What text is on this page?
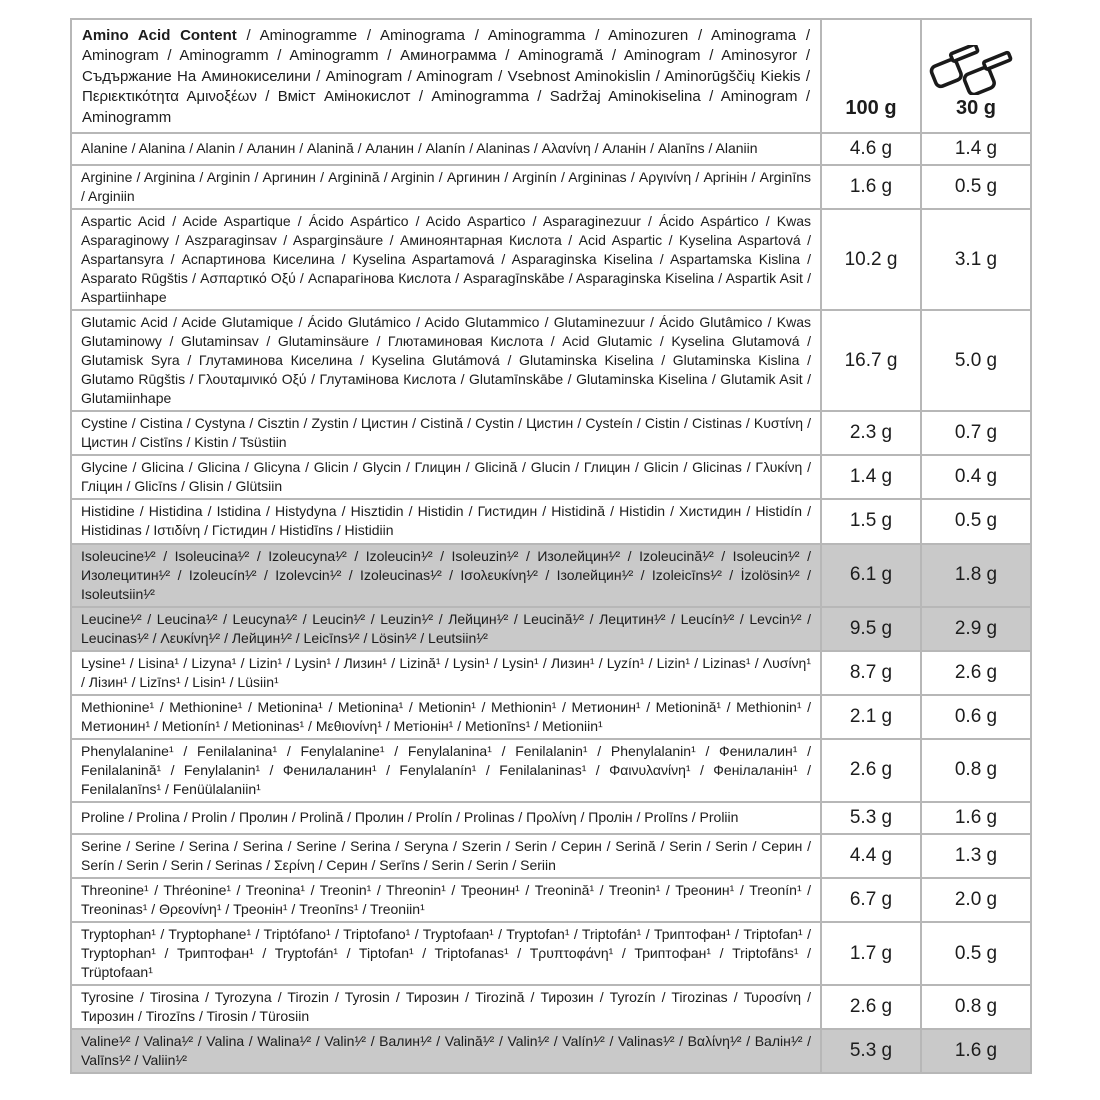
Amino Acid Content / Aminogramme / Aminograma / Aminogramma / Aminozuren / Aminograma / Aminogram / Aminogramm / Aminogramm / Аминограмма / Aminogramă / Aminogram / Aminosyror / Съдържание На Аминокиселини / Aminogram / Aminogram / Vsebnost Aminokislin / Aminorūgščių Kiekis / Περιεκτικότητα Αμινοξέων / Вміст Амінокислот / Aminogramma / Sadržaj Aminokiselina / Aminogram / Aminogramm	100 g	30 g
Alanine / Alanina / Alanin / Аланин / Alanină / Аланин / Alanín / Alaninas / Αλανίνη / Аланін / Alanīns / Alaniin	4.6 g	1.4 g
Arginine / Arginina / Arginin / Аргинин / Arginină / Arginin / Аргинин / Arginín / Argininas / Αργινίνη / Аргінін / Arginīns / Arginiin	1.6 g	0.5 g
Aspartic Acid / Acide Aspartique / Ácido Aspártico / Acido Aspartico / Asparaginezuur / Ácido Aspártico / Kwas Asparaginowy / Aszparaginsav / Asparginsäure / Аминоянтарная Кислота / Acid Aspartic / Kyselina Aspartová / Aspartansyra / Аспартинова Киселина / Kyselina Aspartamová / Asparaginska Kiselina / Aspartamska Kislina / Asparato Rūgštis / Ασπαρτικό Οξύ / Аспарагінова Кислота / Asparagīnskābe / Asparaginska Kiselina / Aspartik Asit / Aspartiinhape	10.2 g	3.1 g
Glutamic Acid / Acide Glutamique / Ácido Glutámico / Acido Glutammico / Glutaminezuur / Ácido Glutâmico / Kwas Glutaminowy / Glutaminsav / Glutaminsäure / Глютаминовая Кислота / Acid Glutamic / Kyselina Glutamová / Glutamisk Syra / Глутаминова Киселина / Kyselina Glutámová / Glutaminska Kiselina / Glutaminska Kislina / Glutamo Rūgštis / Γλουταμινικό Οξύ / Глутамінова Кислота / Glutamīnskābe / Glutaminska Kiselina / Glutamik Asit / Glutamiinhape	16.7 g	5.0 g
Cystine / Cistina / Cystyna / Cisztin / Zystin / Цистин / Cistină / Cystin / Цистин / Cysteín / Cistin / Cistinas / Κυστίνη / Цистин / Cistīns / Kistin / Tsüstiin	2.3 g	0.7 g
Glycine / Glicina / Glicina / Glicyna / Glicin / Glycin / Глицин / Glicină / Glucin / Глицин / Glicin / Glicinas / Γλυκίνη / Гліцин / Glicīns / Glisin / Glütsiin	1.4 g	0.4 g
Histidine / Histidina / Istidina / Histydyna / Hisztidin / Histidin / Гистидин / Histidină / Histidin / Хистидин / Histidín / Histidinas / Ιστιδίνη / Гістидин / Histidīns / Histidiin	1.5 g	0.5 g
Isoleucine¹⁄² / Isoleucina¹⁄² / Izoleucyna¹⁄² / Izoleucin¹⁄² / Isoleuzin¹⁄² / Изолейцин¹⁄² / Izoleucină¹⁄² / Isoleucin¹⁄² / Изолецитин¹⁄² / Izoleucín¹⁄² / Izolevcin¹⁄² / Izoleucinas¹⁄² / Ισολευκίνη¹⁄² / Ізолейцин¹⁄² / Izoleicīns¹⁄² / İzolösin¹⁄² / Isoleutsiin¹⁄²	6.1 g	1.8 g
Leucine¹⁄² / Leucina¹⁄² / Leucyna¹⁄² / Leucin¹⁄² / Leuzin¹⁄² / Лейцин¹⁄² / Leucină¹⁄² / Лецитин¹⁄² / Leucín¹⁄² / Levcin¹⁄² / Leucinas¹⁄² / Λευκίνη¹⁄² / Лейцин¹⁄² / Leicīns¹⁄² / Lösin¹⁄² / Leutsiin¹⁄²	9.5 g	2.9 g
Lysine¹ / Lisina¹ / Lizyna¹ / Lizin¹ / Lysin¹ / Лизин¹ / Lizină¹ / Lysin¹ / Lysin¹ / Лизин¹ / Lyzín¹ / Lizin¹ / Lizinas¹ / Λυσίνη¹ / Лізин¹ / Lizīns¹ / Lisin¹ / Lüsiin¹	8.7 g	2.6 g
Methionine¹ / Methionine¹ / Metionina¹ / Metionina¹ / Metionin¹ / Methionin¹ / Метионин¹ / Metionină¹ / Methionin¹ / Метионин¹ / Metionín¹ / Metioninas¹ / Μεθιονίνη¹ / Метіонін¹ / Metionīns¹ / Metioniin¹	2.1 g	0.6 g
Phenylalanine¹ / Fenilalanina¹ / Fenylalanine¹ / Fenylalanina¹ / Fenilalanin¹ / Phenylalanin¹ / Фенилалин¹ / Fenilalanină¹ / Fenylalanin¹ / Фенилаланин¹ / Fenylalanín¹ / Fenilalaninas¹ / Φαινυλανίνη¹ / Фенілаланін¹ / Fenilalanīns¹ / Fenüülalaniin¹	2.6 g	0.8 g
Proline / Prolina / Prolin / Пролин / Prolină / Пролин / Prolín / Prolinas / Προλίνη / Пролін / Prolīns / Proliin	5.3 g	1.6 g
Serine / Serine / Serina / Serina / Serine / Serina / Seryna / Szerin / Serin / Серин / Serină / Serin / Serin / Серин / Serín / Serin / Serin / Serinas / Σερίνη / Серин / Serīns / Serin / Serin / Seriin	4.4 g	1.3 g
Threonine¹ / Thréonine¹ / Treonina¹ / Treonin¹ / Threonin¹ / Треонин¹ / Treonină¹ / Treonin¹ / Треонин¹ / Treonín¹ / Treoninas¹ / Θρεονίνη¹ / Треонін¹ / Treonīns¹ / Treoniin¹	6.7 g	2.0 g
Tryptophan¹ / Tryptophane¹ / Triptófano¹ / Triptofano¹ / Tryptofaan¹ / Tryptofan¹ / Triptofán¹ / Триптофан¹ / Triptofan¹ / Tryptophan¹ / Триптофан¹ / Tryptofán¹ / Tiptofan¹ / Triptofanas¹ / Τρυπτοφάνη¹ / Триптофан¹ / Triptofāns¹ / Trüptofaan¹	1.7 g	0.5 g
Tyrosine / Tirosina / Tyrozyna / Tirozin / Tyrosin / Тирозин / Tirozină / Тирозин / Tyrozín / Tirozinas / Τυροσίνη / Тирозин / Tirozīns / Tirosin / Türosiin	2.6 g	0.8 g
Valine¹⁄² / Valina¹⁄² / Valina / Walina¹⁄² / Valin¹⁄² / Валин¹⁄² / Valină¹⁄² / Valin¹⁄² / Valín¹⁄² / Valinas¹⁄² / Βαλίνη¹⁄² / Валін¹⁄² / Valīns¹⁄² / Valiin¹⁄²	5.3 g	1.6 g
